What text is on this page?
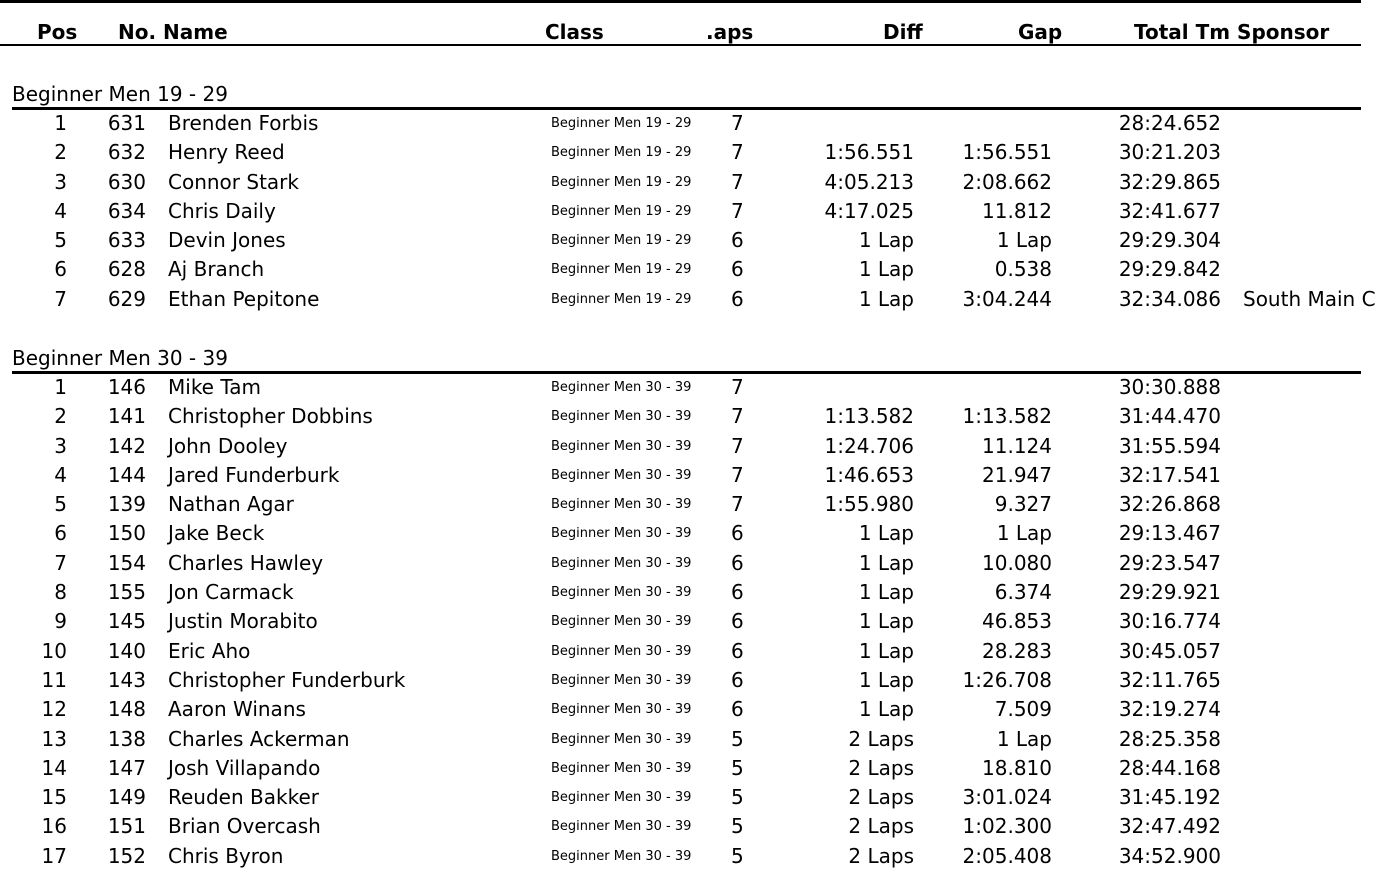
Pos No. Name	Class	.aps	Diff	Gap	Total Tm Sponsor
Beginner Men 19 - 29
1 631 Brenden Forbis	Beginner Men 19 - 29 7	28:24.652
2 632 Henry Reed	Beginner Men 19 - 29 7	1:56.551 1:56.551	30:21.203
3 630 Connor Stark	Beginner Men 19 - 29 7	4:05.213 2:08.662	32:29.865
4 634 Chris Daily	Beginner Men 19 - 29 7	4:17.025	11.812	32:41.677
5 633 Devin Jones	Beginner Men 19 - 29 6	1 Lap	1 Lap	29:29.304
6 628 Aj Branch	Beginner Men 19 - 29 6	1 Lap	0.538	29:29.842
7 629 Ethan Pepitone	Beginner Men 19 - 29 6	1 Lap 3:04.244	32:34.086 South Main C
Beginner Men 30 - 39
1 146 Mike Tam	Beginner Men 30 - 39 7	30:30.888
2 141 Christopher Dobbins	Beginner Men 30 - 39 7	1:13.582 1:13.582	31:44.470
3 142 John Dooley	Beginner Men 30 - 39 7	1:24.706	11.124	31:55.594
4 144 Jared Funderburk	Beginner Men 30 - 39 7	1:46.653	21.947	32:17.541
5 139 Nathan Agar	Beginner Men 30 - 39 7	1:55.980	9.327	32:26.868
6 150 Jake Beck	Beginner Men 30 - 39 6	1 Lap	1 Lap	29:13.467
7 154 Charles Hawley	Beginner Men 30 - 39 6	1 Lap	10.080	29:23.547
8 155 Jon Carmack	Beginner Men 30 - 39 6	1 Lap	6.374	29:29.921
9 145 Justin Morabito	Beginner Men 30 - 39 6	1 Lap	46.853	30:16.774
10 140 Eric Aho	Beginner Men 30 - 39 6	1 Lap	28.283	30:45.057
11 143 Christopher Funderburk	Beginner Men 30 - 39 6	1 Lap 1:26.708	32:11.765
12 148 Aaron Winans	Beginner Men 30 - 39 6	1 Lap	7.509	32:19.274
13 138 Charles Ackerman	Beginner Men 30 - 39 5	2 Laps	1 Lap	28:25.358
14 147 Josh Villapando	Beginner Men 30 - 39 5	2 Laps	18.810	28:44.168
15 149 Reuden Bakker	Beginner Men 30 - 39 5	2 Laps 3:01.024	31:45.192
16 151 Brian Overcash	Beginner Men 30 - 39 5	2 Laps 1:02.300	32:47.492
17 152 Chris Byron	Beginner Men 30 - 39 5	2 Laps 2:05.408	34:52.900
